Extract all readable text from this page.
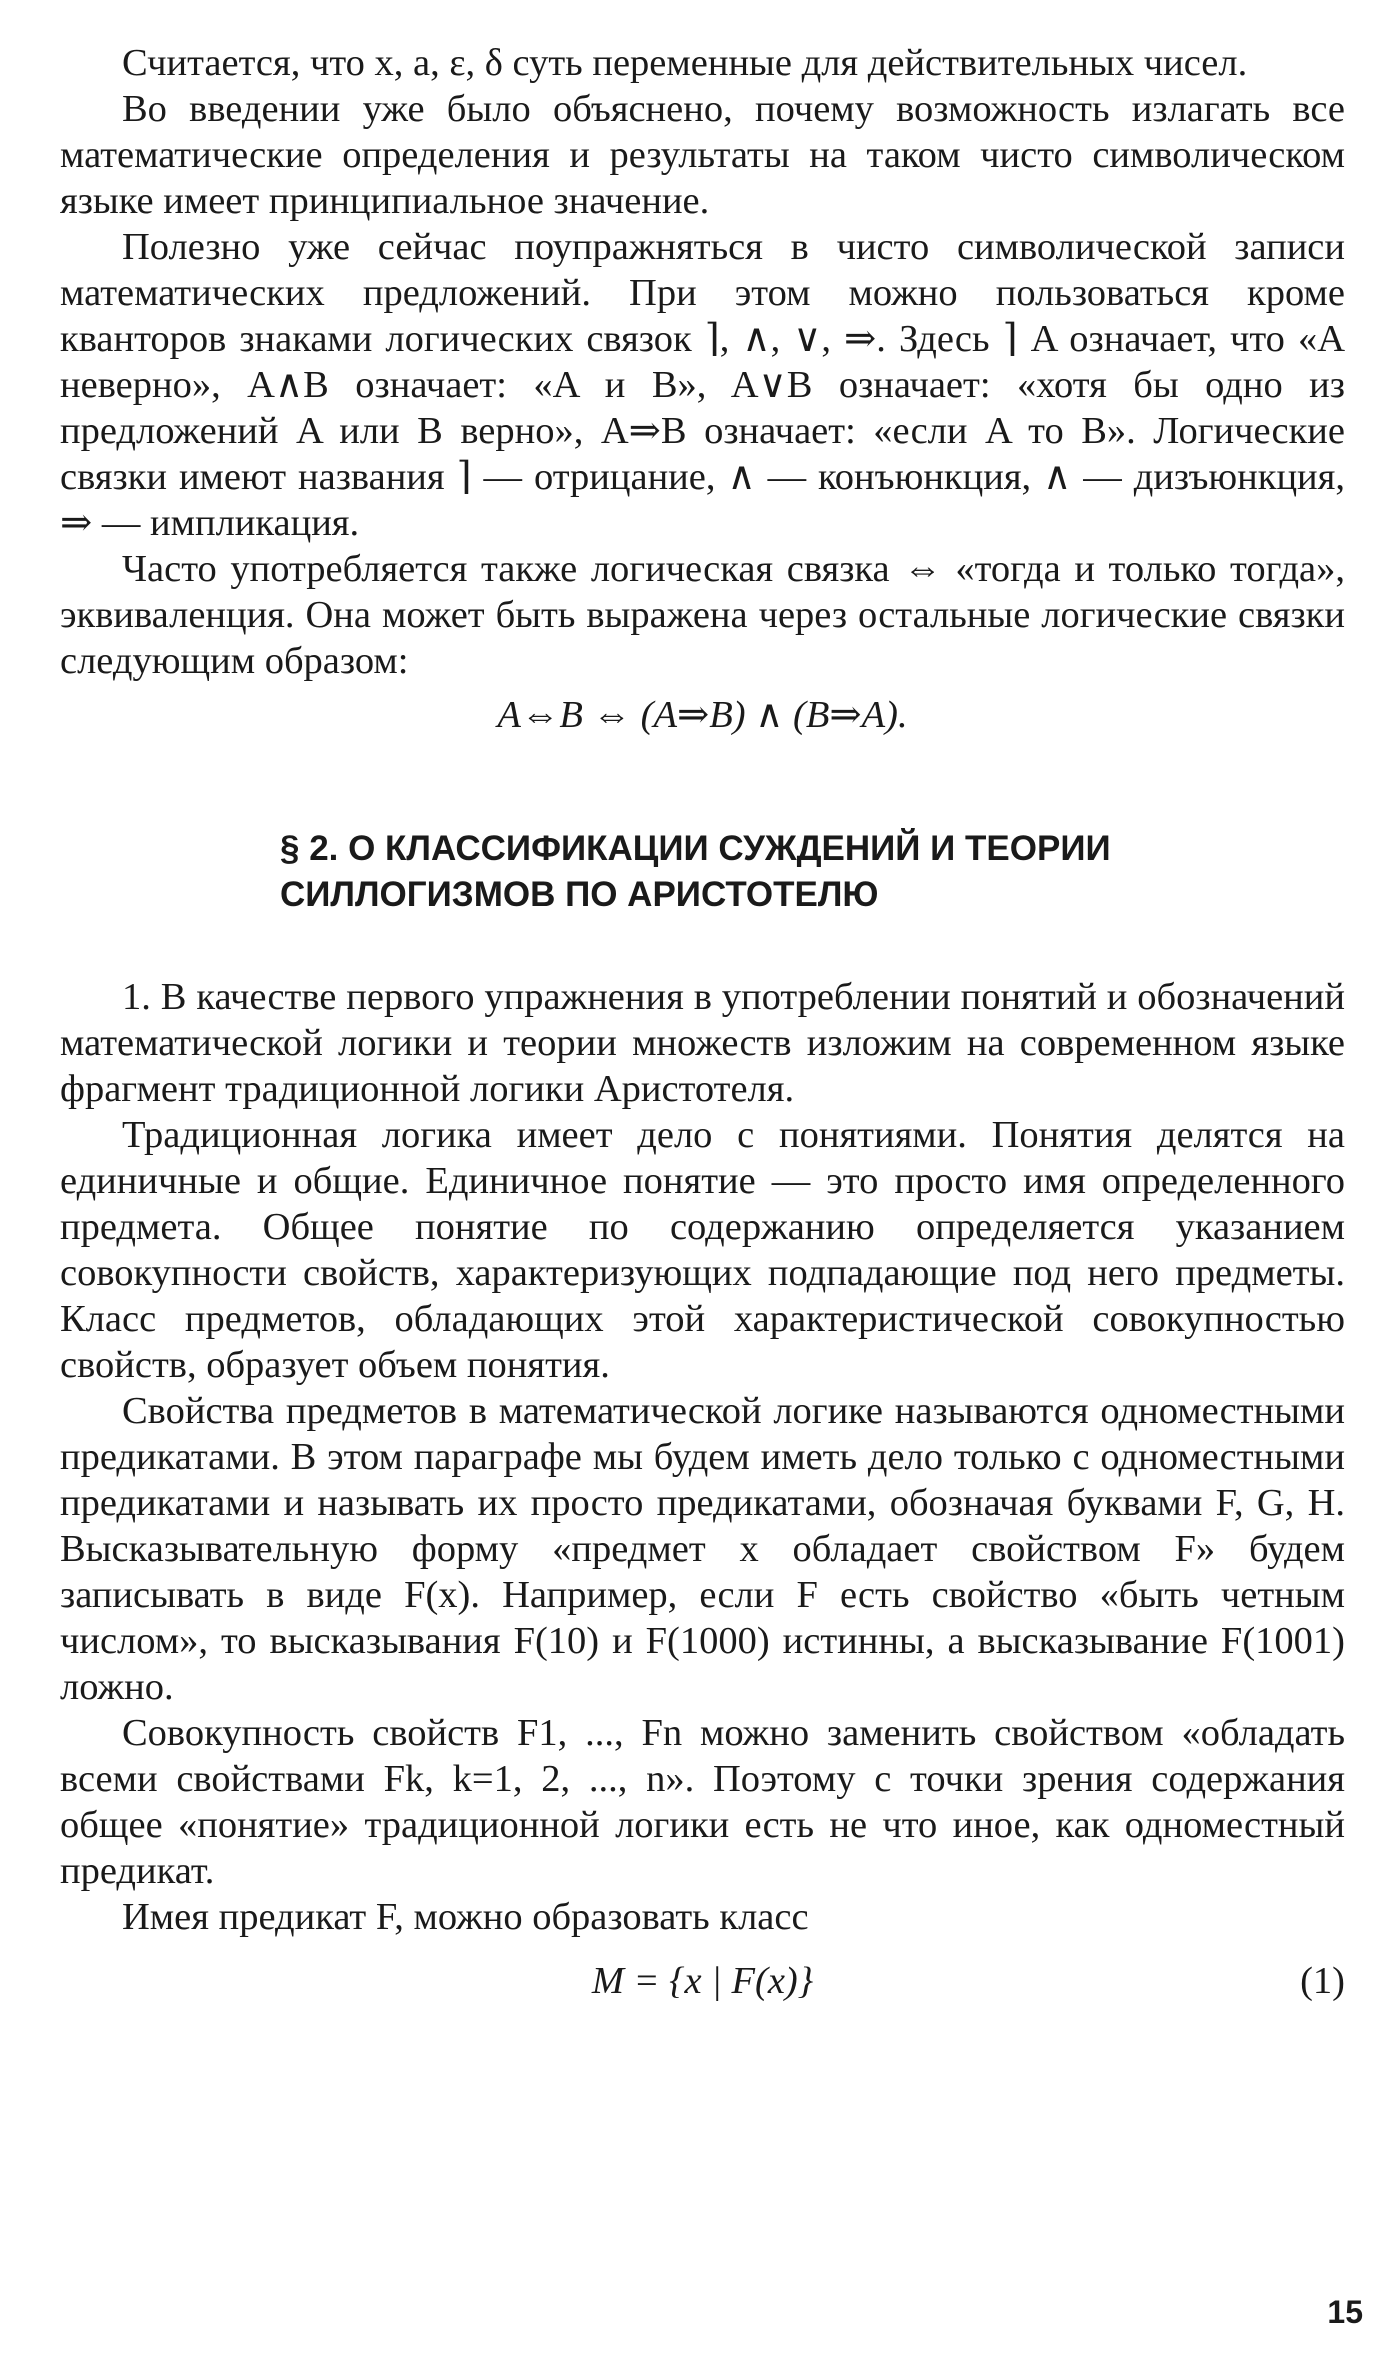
Считается, что x, a, ε, δ суть переменные для действительных чисел.

Во введении уже было объяснено, почему возможность излагать все математические определения и результаты на таком чисто символическом языке имеет принципиальное значение.

Полезно уже сейчас поупражняться в чисто символической записи математических предложений. При этом можно пользоваться кроме кванторов знаками логических связок ⌉, ∧, ∨, ⇒. Здесь ⌉ A означает, что «A неверно», A∧B означает: «A и B», A∨B означает: «хотя бы одно из предложений A или B верно», A⇒B означает: «если A то B». Логические связки имеют названия ⌉ — отрицание, ∧ — конъюнкция, ∧ — дизъюнкция, ⇒ — импликация.

Часто употребляется также логическая связка ⇔ «тогда и только тогда», эквиваленция. Она может быть выражена через остальные логические связки следующим образом:

A⇔B ⇔ (A⇒B) ∧ (B⇒A).
§ 2. О КЛАССИФИКАЦИИ СУЖДЕНИЙ И ТЕОРИИ
СИЛЛОГИЗМОВ ПО АРИСТОТЕЛЮ

1. В качестве первого упражнения в употреблении понятий и обозначений математической логики и теории множеств изложим на современном языке фрагмент традиционной логики Аристотеля.

Традиционная логика имеет дело с понятиями. Понятия делятся на единичные и общие. Единичное понятие — это просто имя определенного предмета. Общее понятие по содержанию определяется указанием совокупности свойств, характеризующих подпадающие под него предметы. Класс предметов, обладающих этой характеристической совокупностью свойств, образует объем понятия.

Свойства предметов в математической логике называются одноместными предикатами. В этом параграфе мы будем иметь дело только с одноместными предикатами и называть их просто предикатами, обозначая буквами F, G, H. Высказывательную форму «предмет x обладает свойством F» будем записывать в виде F(x). Например, если F есть свойство «быть четным числом», то высказывания F(10) и F(1000) истинны, а высказывание F(1001) ложно.

Совокупность свойств F1, ..., Fn можно заменить свойством «обладать всеми свойствами Fk, k=1, 2, ..., n». Поэтому с точки зрения содержания общее «понятие» традиционной логики есть не что иное, как одноместный предикат.

Имея предикат F, можно образовать класс

M = {x | F(x)}	(1)
15
